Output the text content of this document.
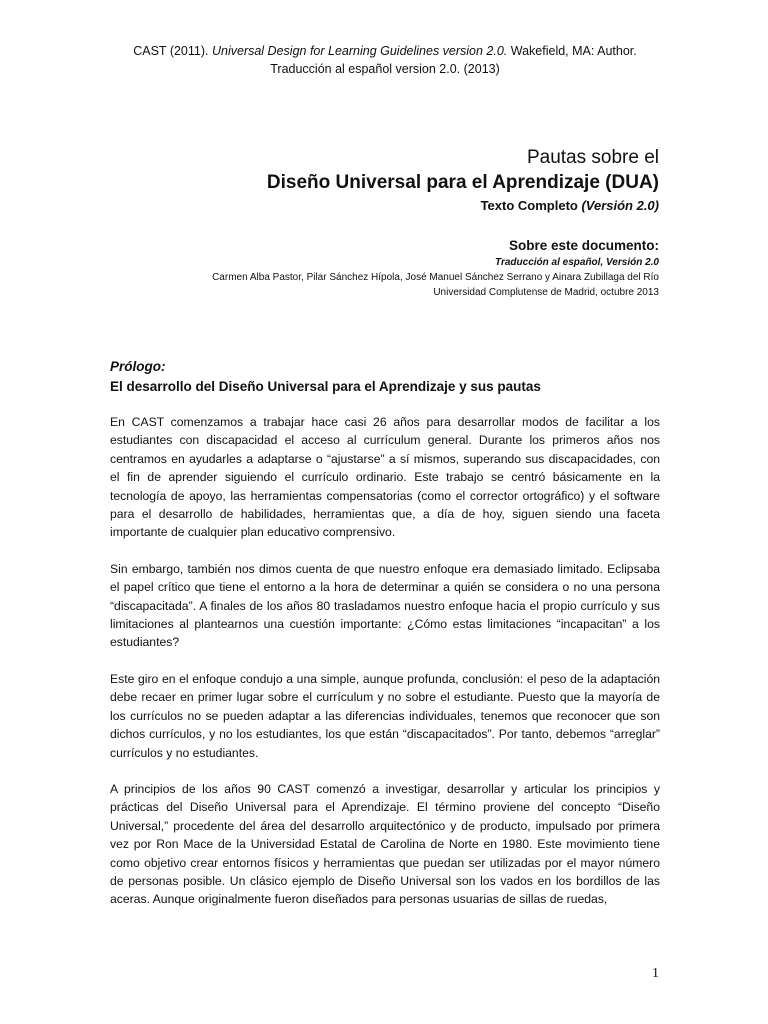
CAST (2011). Universal Design for Learning Guidelines version 2.0. Wakefield, MA: Author.
Traducción al español version 2.0. (2013)
Pautas sobre el
Diseño Universal para el Aprendizaje (DUA)
Texto Completo (Versión 2.0)
Sobre este documento:
Traducción al español, Versión 2.0
Carmen Alba Pastor, Pilar Sánchez Hípola, José Manuel Sánchez Serrano y Ainara Zubillaga del Río
Universidad Complutense de Madrid, octubre 2013
Prólogo:
El desarrollo del Diseño Universal para el Aprendizaje y sus pautas

En CAST comenzamos a trabajar hace casi 26 años para desarrollar modos de facilitar a los estudiantes con discapacidad el acceso al currículum general. Durante los primeros años nos centramos en ayudarles a adaptarse o “ajustarse” a sí mismos, superando sus discapacidades, con el fin de aprender siguiendo el currículo ordinario. Este trabajo se centró básicamente en la tecnología de apoyo, las herramientas compensatorias (como el corrector ortográfico) y el software para el desarrollo de habilidades, herramientas que, a día de hoy, siguen siendo una faceta importante de cualquier plan educativo comprensivo.

Sin embargo, también nos dimos cuenta de que nuestro enfoque era demasiado limitado. Eclipsaba el papel crítico que tiene el entorno a la hora de determinar a quién se considera o no una persona “discapacitada”. A finales de los años 80 trasladamos nuestro enfoque hacia el propio currículo y sus limitaciones al plantearnos una cuestión importante: ¿Cómo estas limitaciones “incapacitan” a los estudiantes?

Este giro en el enfoque condujo a una simple, aunque profunda, conclusión: el peso de la adaptación debe recaer en primer lugar sobre el currículum y no sobre el estudiante. Puesto que la mayoría de los currículos no se pueden adaptar a las diferencias individuales, tenemos que reconocer que son dichos currículos, y no los estudiantes, los que están “discapacitados”. Por tanto, debemos “arreglar” currículos y no estudiantes.

A principios de los años 90 CAST comenzó a investigar, desarrollar y articular los principios y prácticas del Diseño Universal para el Aprendizaje. El término proviene del concepto “Diseño Universal,” procedente del área del desarrollo arquitectónico y de producto, impulsado por primera vez por Ron Mace de la Universidad Estatal de Carolina de Norte en 1980. Este movimiento tiene como objetivo crear entornos físicos y herramientas que puedan ser utilizadas por el mayor número de personas posible. Un clásico ejemplo de Diseño Universal son los vados en los bordillos de las aceras. Aunque originalmente fueron diseñados para personas usuarias de sillas de ruedas,

1
